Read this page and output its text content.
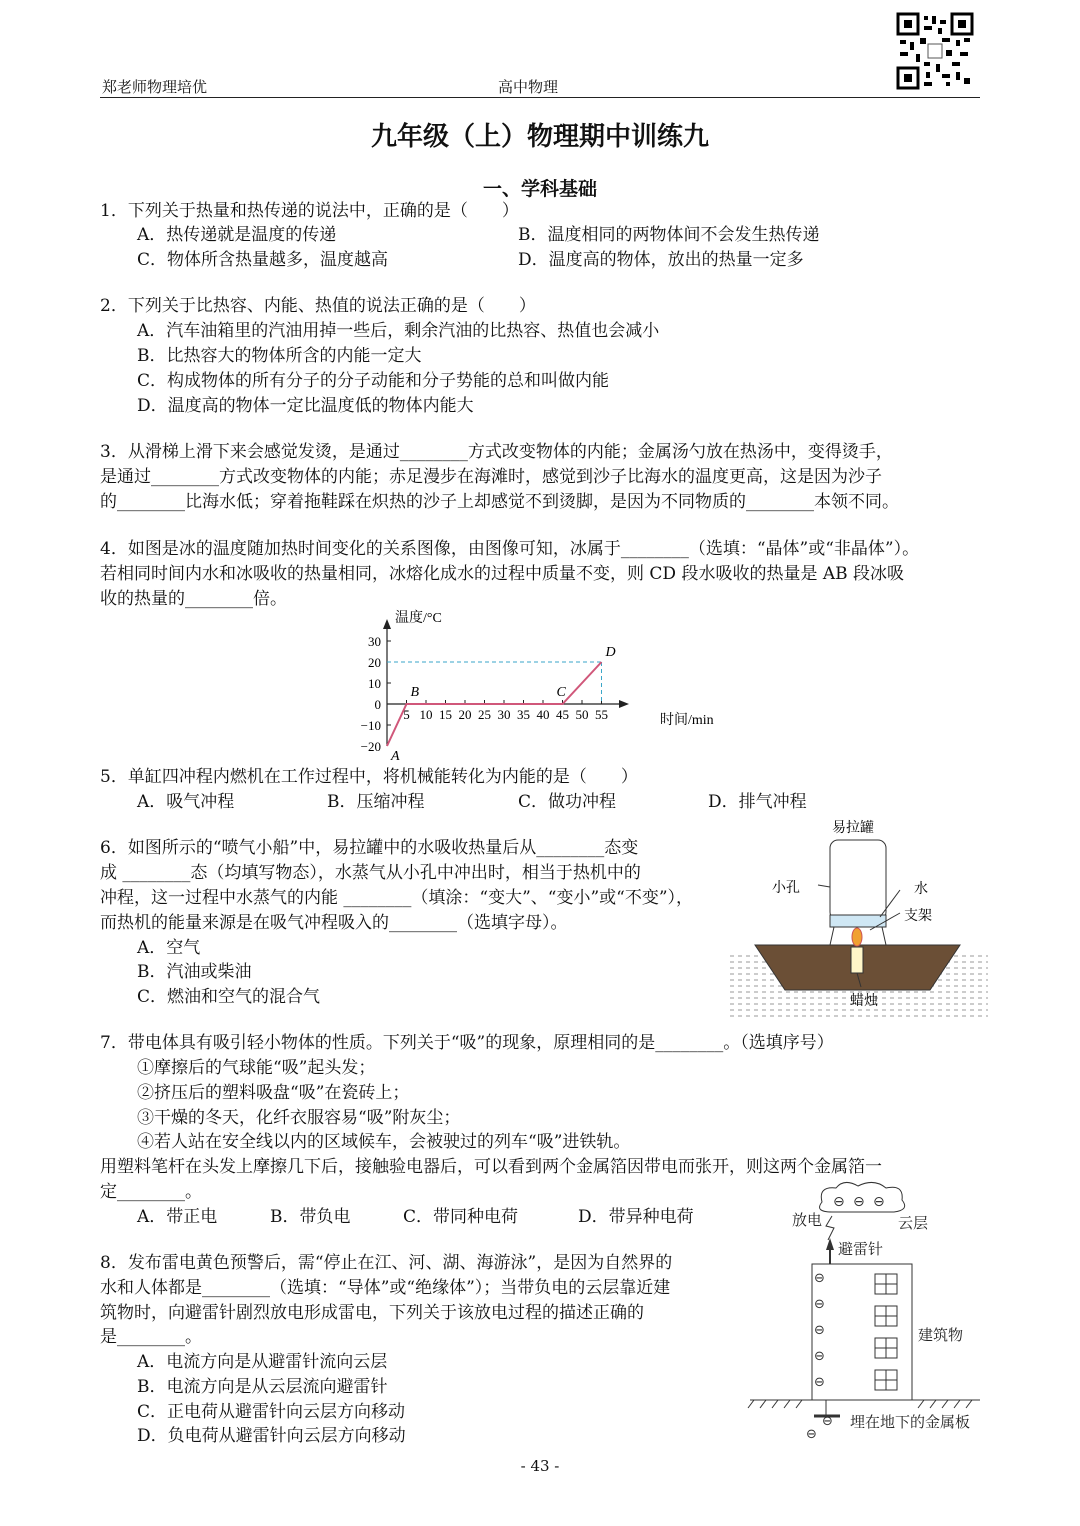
郑老师物理培优	高中物理
九年级（上）物理期中训练九
一、学科基础
1．下列关于热量和热传递的说法中，正确的是（　　）
A．热传递就是温度的传递	B．温度相同的两物体间不会发生热传递
C．物体所含热量越多，温度越高	D．温度高的物体，放出的热量一定多
2．下列关于比热容、内能、热值的说法正确的是（　　）
A．汽车油箱里的汽油用掉一些后，剩余汽油的比热容、热值也会减小
B．比热容大的物体所含的内能一定大
C．构成物体的所有分子的分子动能和分子势能的总和叫做内能
D．温度高的物体一定比温度低的物体内能大
3．从滑梯上滑下来会感觉发烫，是通过________方式改变物体的内能；金属汤勺放在热汤中，变得烫手，
是通过________方式改变物体的内能；赤足漫步在海滩时，感觉到沙子比海水的温度更高，这是因为沙子
的________比海水低；穿着拖鞋踩在炽热的沙子上却感觉不到烫脚，是因为不同物质的________本领不同。
4．如图是冰的温度随加热时间变化的关系图像，由图像可知，冰属于________（选填：“晶体”或“非晶体”）。
若相同时间内水和冰吸收的热量相同，冰熔化成水的过程中质量不变，则 CD 段水吸收的热量是 AB 段冰吸
收的热量的________倍。
5 10 15 20 25 30 35 40 45 50 55
−20
−10
0
10
20
30
A
B	C
D
温度/°C
时间/min
5．单缸四冲程内燃机在工作过程中，将机械能转化为内能的是（　　）
A．吸气冲程	B．压缩冲程	C．做功冲程	D．排气冲程
6．如图所示的“喷气小船”中，易拉罐中的水吸收热量后从________态变
成 ________态（均填写物态），水蒸气从小孔中冲出时，相当于热机中的
冲程，这一过程中水蒸气的内能 ________（填涂：“变大”、“变小”或“不变”），
而热机的能量来源是在吸气冲程吸入的________（选填字母）。
A．空气
B．汽油或柴油
C．燃油和空气的混合气
易拉罐
小孔	水
支架
蜡烛
7．带电体具有吸引轻小物体的性质。下列关于“吸”的现象，原理相同的是________。（选填序号）
①摩擦后的气球能“吸”起头发；
②挤压后的塑料吸盘“吸”在瓷砖上；
③干燥的冬天，化纤衣服容易“吸”附灰尘；
④若人站在安全线以内的区域候车，会被驶过的列车“吸”进铁轨。
用塑料笔杆在头发上摩擦几下后，接触验电器后，可以看到两个金属箔因带电而张开，则这两个金属箔一
定________。
A．带正电	B．带负电	C．带同种电荷	D．带异种电荷
8．发布雷电黄色预警后，需“停止在江、河、湖、海游泳”，是因为自然界的
水和人体都是________（选填：“导体”或“绝缘体”）；当带负电的云层靠近建
筑物时，向避雷针剧烈放电形成雷电，下列关于该放电过程的描述正确的
是________。
A．电流方向是从避雷针流向云层
B．电流方向是从云层流向避雷针
C．正电荷从避雷针向云层方向移动
D．负电荷从避雷针向云层方向移动
⊖ ⊖ ⊖
⊖
⊖
⊖
⊖
⊖
⊖
⊖
放电	云层
避雷针
建筑物
埋在地下的金属板
- 43 -
